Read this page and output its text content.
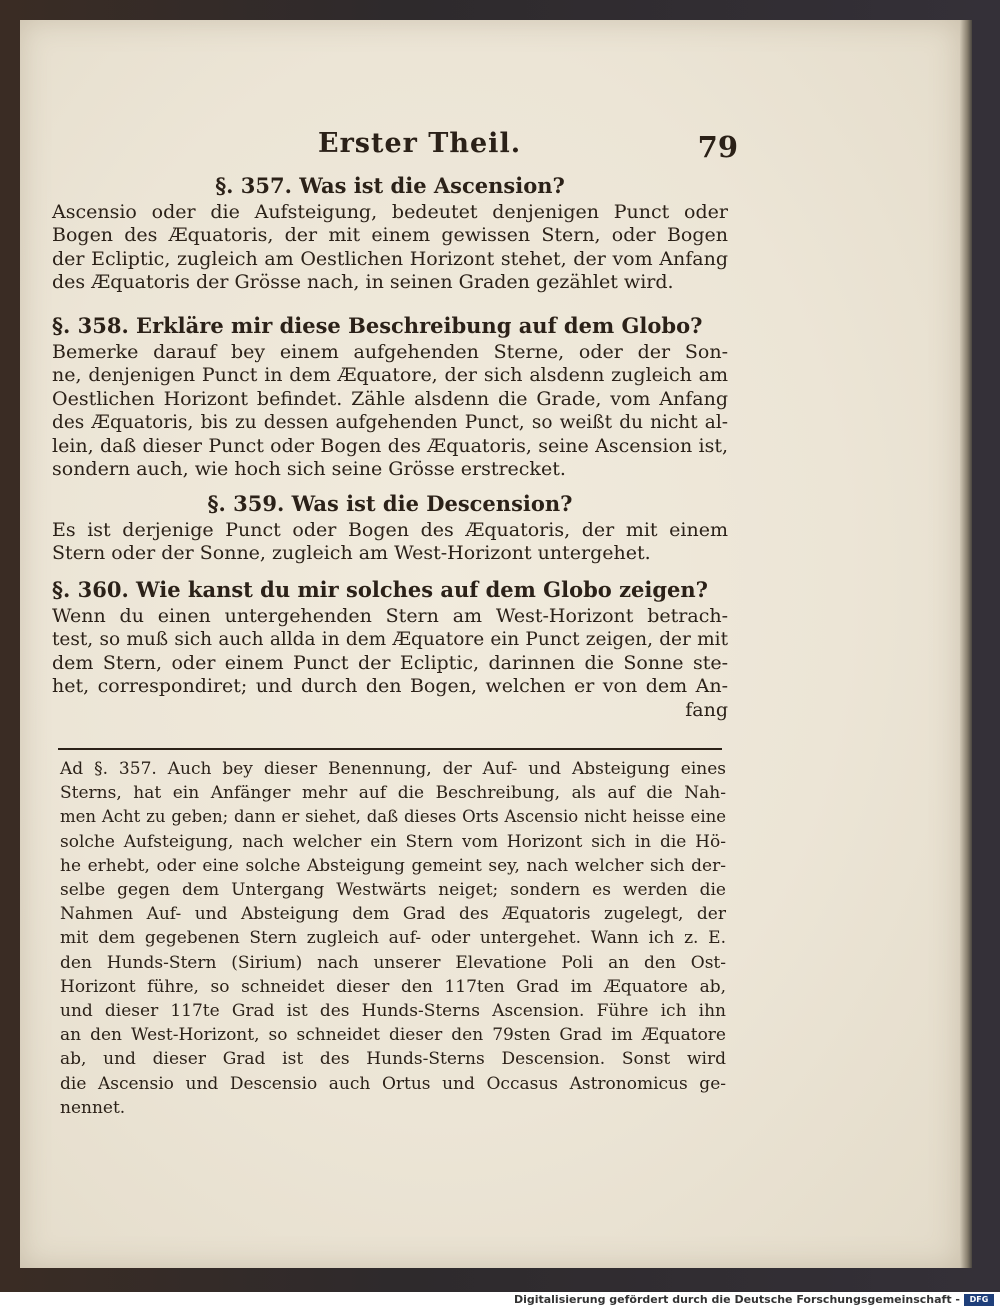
Erster Theil.	79
§. 357. Was ist die Ascension?
Ascensio oder die Aufsteigung, bedeutet denjenigen Punct oder
Bogen des Æquatoris, der mit einem gewissen Stern, oder Bogen
der Ecliptic, zugleich am Oestlichen Horizont stehet, der vom Anfang
des Æquatoris der Grösse nach, in seinen Graden gezählet wird.
§. 358. Erkläre mir diese Beschreibung auf dem Globo?
Bemerke darauf bey einem aufgehenden Sterne, oder der Son-
ne, denjenigen Punct in dem Æquatore, der sich alsdenn zugleich am
Oestlichen Horizont befindet. Zähle alsdenn die Grade, vom Anfang
des Æquatoris, bis zu dessen aufgehenden Punct, so weißt du nicht al-
lein, daß dieser Punct oder Bogen des Æquatoris, seine Ascension ist,
sondern auch, wie hoch sich seine Grösse erstrecket.
§. 359. Was ist die Descension?
Es ist derjenige Punct oder Bogen des Æquatoris, der mit einem
Stern oder der Sonne, zugleich am West-Horizont untergehet.
§. 360. Wie kanst du mir solches auf dem Globo zeigen?
Wenn du einen untergehenden Stern am West-Horizont betrach-
test, so muß sich auch allda in dem Æquatore ein Punct zeigen, der mit
dem Stern, oder einem Punct der Ecliptic, darinnen die Sonne ste-
het, correspondiret; und durch den Bogen, welchen er von dem An-
fang
Ad §. 357. Auch bey dieser Benennung, der Auf- und Absteigung eines
Sterns, hat ein Anfänger mehr auf die Beschreibung, als auf die Nah-
men Acht zu geben; dann er siehet, daß dieses Orts Ascensio nicht heisse eine
solche Aufsteigung, nach welcher ein Stern vom Horizont sich in die Hö-
he erhebt, oder eine solche Absteigung gemeint sey, nach welcher sich der-
selbe gegen dem Untergang Westwärts neiget; sondern es werden die
Nahmen Auf- und Absteigung dem Grad des Æquatoris zugelegt, der
mit dem gegebenen Stern zugleich auf- oder untergehet. Wann ich z. E.
den Hunds-Stern (Sirium) nach unserer Elevatione Poli an den Ost-
Horizont führe, so schneidet dieser den 117ten Grad im Æquatore ab,
und dieser 117te Grad ist des Hunds-Sterns Ascension. Führe ich ihn
an den West-Horizont, so schneidet dieser den 79sten Grad im Æquatore
ab, und dieser Grad ist des Hunds-Sterns Descension. Sonst wird
die Ascensio und Descensio auch Ortus und Occasus Astronomicus ge-
nennet.
Digitalisierung gefördert durch die Deutsche Forschungsgemeinschaft -	DFG
